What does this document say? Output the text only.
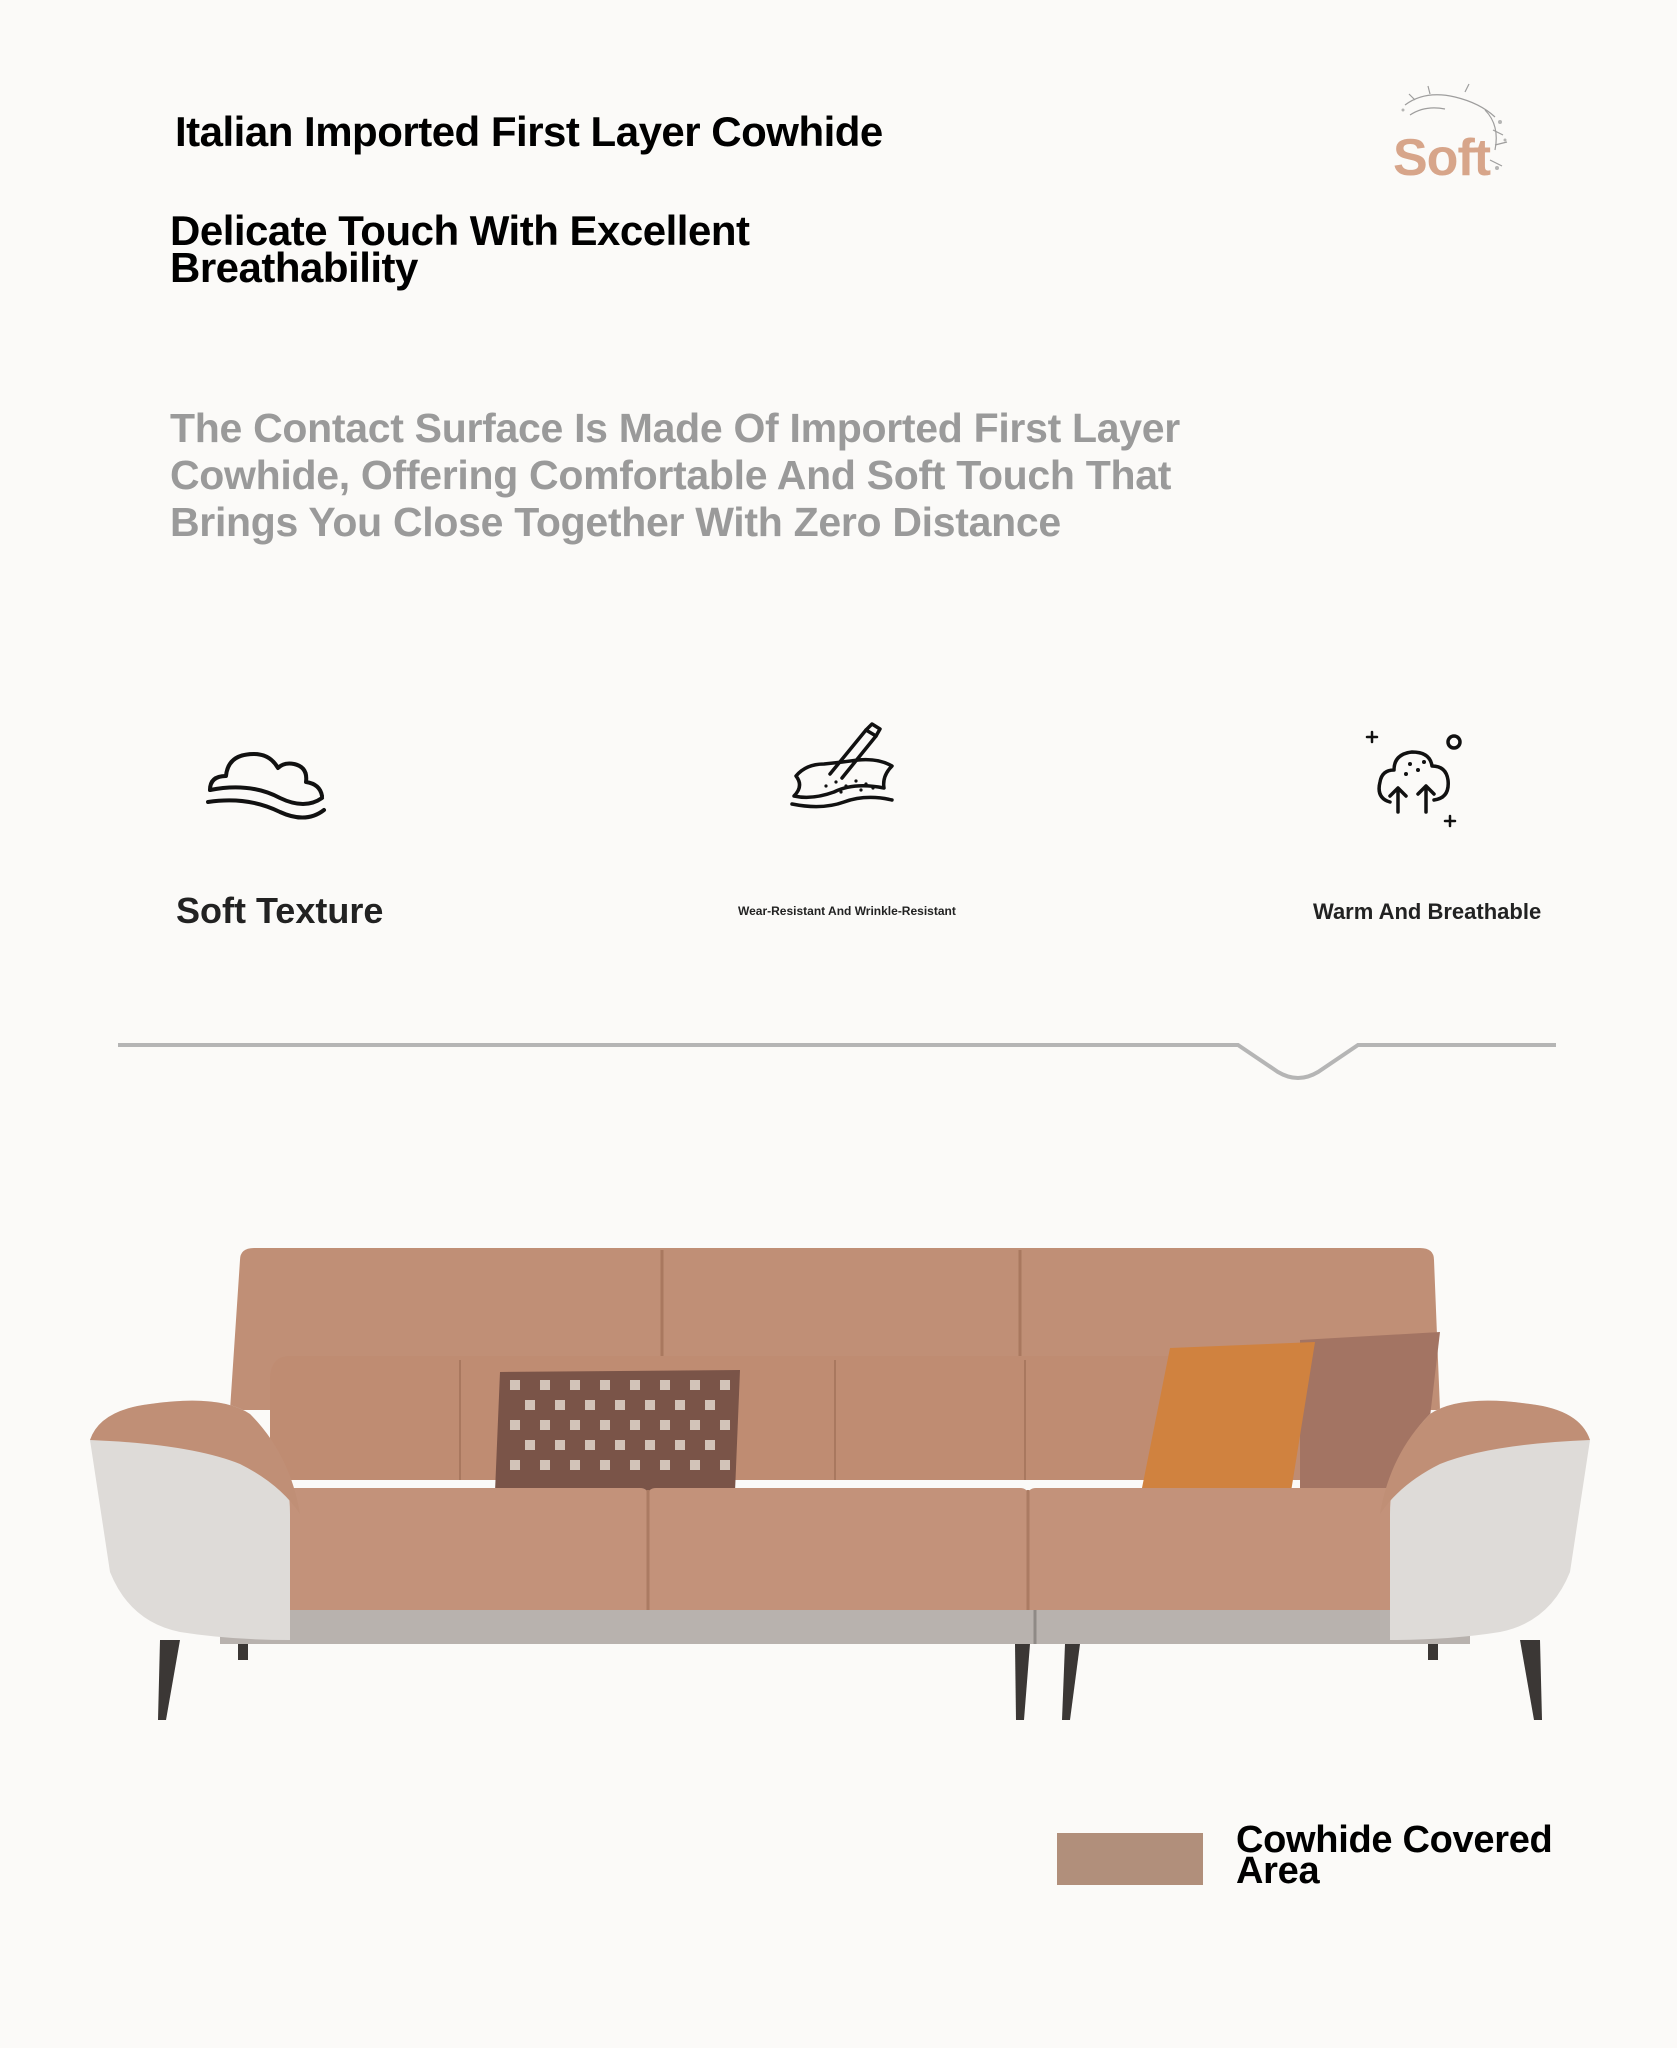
Italian Imported First Layer Cowhide
Delicate Touch With Excellent Breathability
The Contact Surface Is Made Of Imported First Layer Cowhide, Offering Comfortable And Soft Touch That Brings You Close Together With Zero Distance
Soft
Soft Texture	Wear-Resistant And Wrinkle-Resistant	Warm And Breathable
Cowhide Covered Area
